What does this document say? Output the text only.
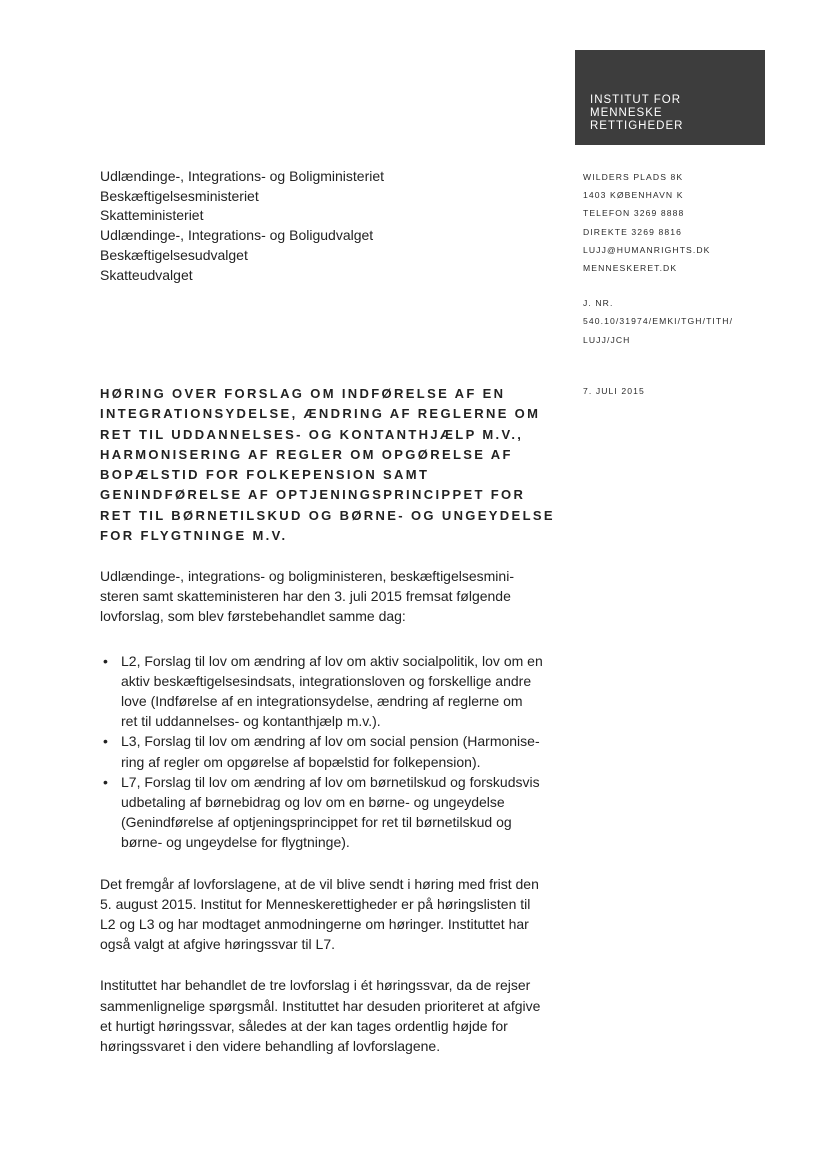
INSTITUT FOR
MENNESKE
RETTIGHEDER
Udlændinge-, Integrations- og Boligministeriet
Beskæftigelsesministeriet
Skatteministeriet
Udlændinge-, Integrations- og Boligudvalget
Beskæftigelsesudvalget
Skatteudvalget
WILDERS PLADS 8K
1403 KØBENHAVN K
TELEFON 3269 8888
DIREKTE 3269 8816
LUJJ@HUMANRIGHTS.DK
MENNESKERET.DK
J. NR.
540.10/31974/EMKI/TGH/TITH/
LUJJ/JCH
7. JULI 2015
HØRING OVER FORSLAG OM INDFØRELSE AF EN
INTEGRATIONSYDELSE, ÆNDRING AF REGLERNE OM
RET TIL UDDANNELSES- OG KONTANTHJÆLP M.V.,
HARMONISERING AF REGLER OM OPGØRELSE AF
BOPÆLSTID FOR FOLKEPENSION SAMT
GENINDFØRELSE AF OPTJENINGSPRINCIPPET FOR
RET TIL BØRNETILSKUD OG BØRNE- OG UNGEYDELSE
FOR FLYGTNINGE M.V.

Udlændinge-, integrations- og boligministeren, beskæftigelsesmini-
steren samt skatteministeren har den 3. juli 2015 fremsat følgende
lovforslag, som blev førstebehandlet samme dag:

• L2, Forslag til lov om ændring af lov om aktiv socialpolitik, lov om en
aktiv beskæftigelsesindsats, integrationsloven og forskellige andre
love (Indførelse af en integrationsydelse, ændring af reglerne om
ret til uddannelses- og kontanthjælp m.v.).
• L3, Forslag til lov om ændring af lov om social pension (Harmonise-
ring af regler om opgørelse af bopælstid for folkepension).
• L7, Forslag til lov om ændring af lov om børnetilskud og forskudsvis
udbetaling af børnebidrag og lov om en børne- og ungeydelse
(Genindførelse af optjeningsprincippet for ret til børnetilskud og
børne- og ungeydelse for flygtninge).

Det fremgår af lovforslagene, at de vil blive sendt i høring med frist den
5. august 2015. Institut for Menneskerettigheder er på høringslisten til
L2 og L3 og har modtaget anmodningerne om høringer. Instituttet har
også valgt at afgive høringssvar til L7.

Instituttet har behandlet de tre lovforslag i ét høringssvar, da de rejser
sammenlignelige spørgsmål. Instituttet har desuden prioriteret at afgive
et hurtigt høringssvar, således at der kan tages ordentlig højde for
høringssvaret i den videre behandling af lovforslagene.
